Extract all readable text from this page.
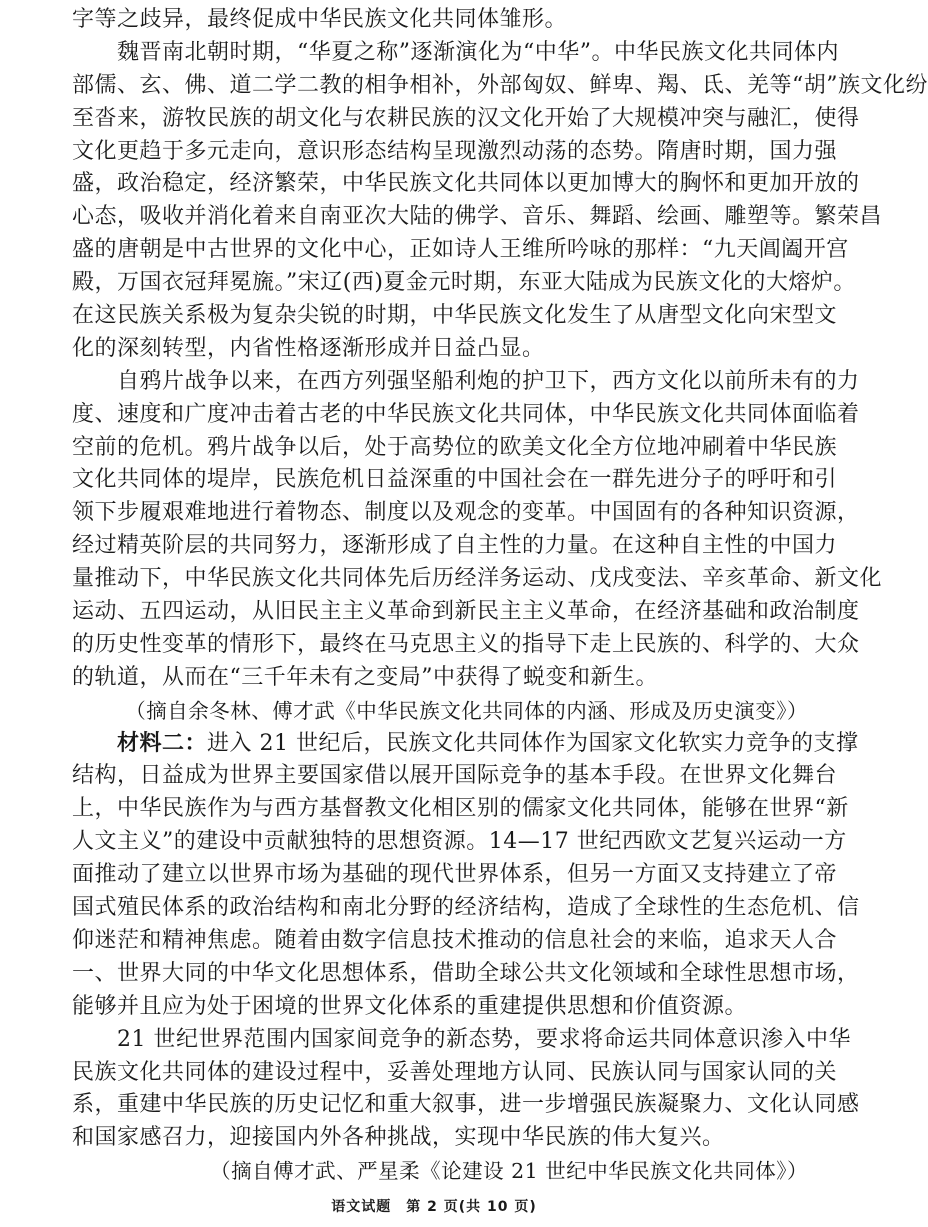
字等之歧异，最终促成中华民族文化共同体雏形。
　　魏晋南北朝时期，“华夏之称”逐渐演化为“中华”。中华民族文化共同体内
部儒、玄、佛、道二学二教的相争相补，外部匈奴、鲜卑、羯、氐、羌等“胡”族文化纷
至沓来，游牧民族的胡文化与农耕民族的汉文化开始了大规模冲突与融汇，使得
文化更趋于多元走向，意识形态结构呈现激烈动荡的态势。隋唐时期，国力强
盛，政治稳定，经济繁荣，中华民族文化共同体以更加博大的胸怀和更加开放的
心态，吸收并消化着来自南亚次大陆的佛学、音乐、舞蹈、绘画、雕塑等。繁荣昌
盛的唐朝是中古世界的文化中心，正如诗人王维所吟咏的那样：“九天阊阖开宫
殿，万国衣冠拜冕旒。”宋辽(西)夏金元时期，东亚大陆成为民族文化的大熔炉。
在这民族关系极为复杂尖锐的时期，中华民族文化发生了从唐型文化向宋型文
化的深刻转型，内省性格逐渐形成并日益凸显。
　　自鸦片战争以来，在西方列强坚船利炮的护卫下，西方文化以前所未有的力
度、速度和广度冲击着古老的中华民族文化共同体，中华民族文化共同体面临着
空前的危机。鸦片战争以后，处于高势位的欧美文化全方位地冲刷着中华民族
文化共同体的堤岸，民族危机日益深重的中国社会在一群先进分子的呼吁和引
领下步履艰难地进行着物态、制度以及观念的变革。中国固有的各种知识资源，
经过精英阶层的共同努力，逐渐形成了自主性的力量。在这种自主性的中国力
量推动下，中华民族文化共同体先后历经洋务运动、戊戌变法、辛亥革命、新文化
运动、五四运动，从旧民主主义革命到新民主主义革命，在经济基础和政治制度
的历史性变革的情形下，最终在马克思主义的指导下走上民族的、科学的、大众
的轨道，从而在“三千年未有之变局”中获得了蜕变和新生。
（摘自余冬林、傅才武《中华民族文化共同体的内涵、形成及历史演变》）
　　材料二：进入 21 世纪后，民族文化共同体作为国家文化软实力竞争的支撑
结构，日益成为世界主要国家借以展开国际竞争的基本手段。在世界文化舞台
上，中华民族作为与西方基督教文化相区别的儒家文化共同体，能够在世界“新
人文主义”的建设中贡献独特的思想资源。14—17 世纪西欧文艺复兴运动一方
面推动了建立以世界市场为基础的现代世界体系，但另一方面又支持建立了帝
国式殖民体系的政治结构和南北分野的经济结构，造成了全球性的生态危机、信
仰迷茫和精神焦虑。随着由数字信息技术推动的信息社会的来临，追求天人合
一、世界大同的中华文化思想体系，借助全球公共文化领域和全球性思想市场，
能够并且应为处于困境的世界文化体系的重建提供思想和价值资源。
　　21 世纪世界范围内国家间竞争的新态势，要求将命运共同体意识渗入中华
民族文化共同体的建设过程中，妥善处理地方认同、民族认同与国家认同的关
系，重建中华民族的历史记忆和重大叙事，进一步增强民族凝聚力、文化认同感
和国家感召力，迎接国内外各种挑战，实现中华民族的伟大复兴。
（摘自傅才武、严星柔《论建设 21 世纪中华民族文化共同体》）
语文试题　第 2 页(共 10 页)
